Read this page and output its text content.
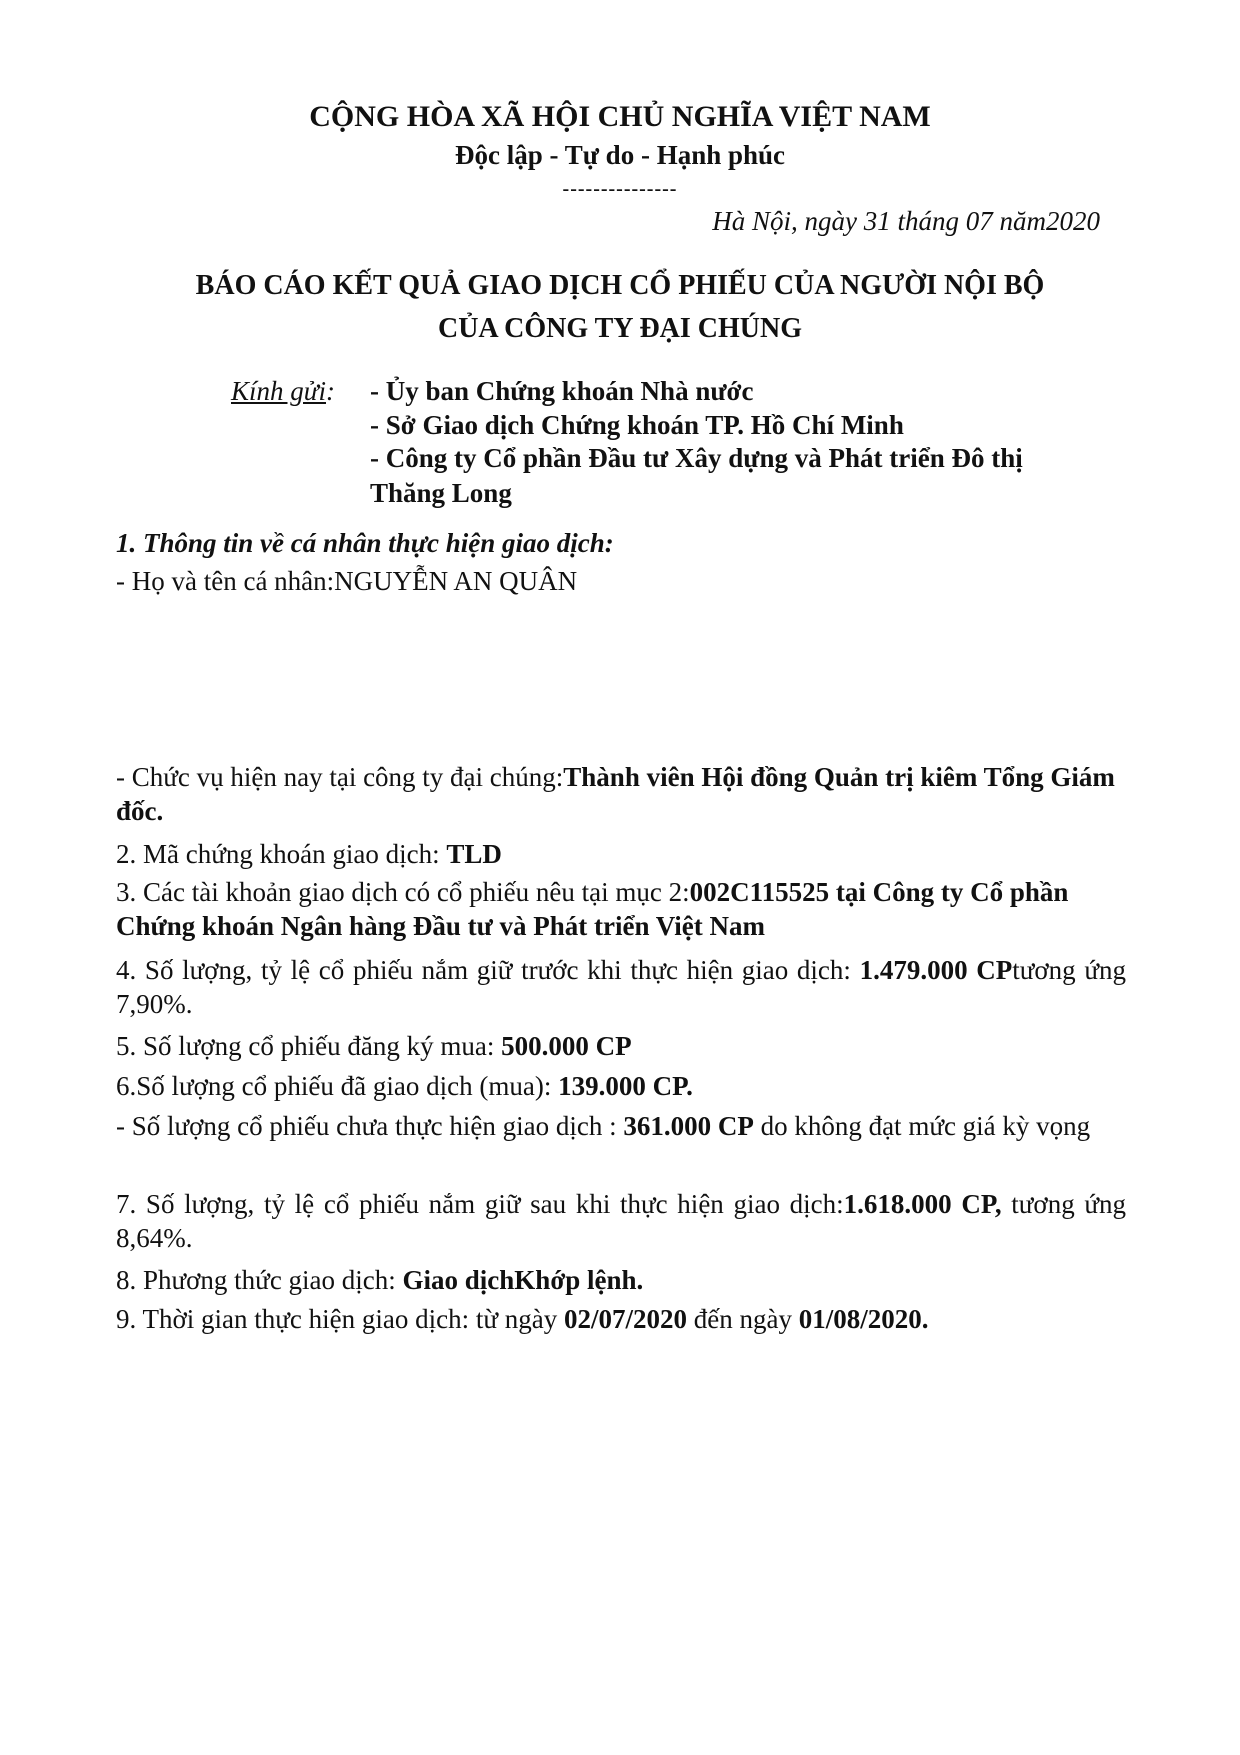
CỘNG HÒA XÃ HỘI CHỦ NGHĨA VIỆT NAM
Độc lập - Tự do - Hạnh phúc
---------------
Hà Nội, ngày 31 tháng 07 năm2020
BÁO CÁO KẾT QUẢ GIAO DỊCH CỔ PHIẾU CỦA NGƯỜI NỘI BỘ
CỦA CÔNG TY ĐẠI CHÚNG
Kính gửi: - Ủy ban Chứng khoán Nhà nước
- Sở Giao dịch Chứng khoán TP. Hồ Chí Minh
- Công ty Cổ phần Đầu tư Xây dựng và Phát triển Đô thị
Thăng Long
1. Thông tin về cá nhân thực hiện giao dịch:
- Họ và tên cá nhân:NGUYỄN AN QUÂN
- Chức vụ hiện nay tại công ty đại chúng:Thành viên Hội đồng Quản trị kiêm Tổng Giám đốc.
2. Mã chứng khoán giao dịch: TLD
3. Các tài khoản giao dịch có cổ phiếu nêu tại mục 2:002C115525 tại Công ty Cổ phần Chứng khoán Ngân hàng Đầu tư và Phát triển Việt Nam
4. Số lượng, tỷ lệ cổ phiếu nắm giữ trước khi thực hiện giao dịch: 1.479.000 CPtương ứng 7,90%.
5. Số lượng cổ phiếu đăng ký mua: 500.000 CP
6.Số lượng cổ phiếu đã giao dịch (mua): 139.000 CP.
- Số lượng cổ phiếu chưa thực hiện giao dịch : 361.000 CP do không đạt mức giá kỳ vọng
7. Số lượng, tỷ lệ cổ phiếu nắm giữ sau khi thực hiện giao dịch:1.618.000 CP, tương ứng 8,64%.
8. Phương thức giao dịch: Giao dịchKhớp lệnh.
9. Thời gian thực hiện giao dịch: từ ngày 02/07/2020 đến ngày 01/08/2020.
